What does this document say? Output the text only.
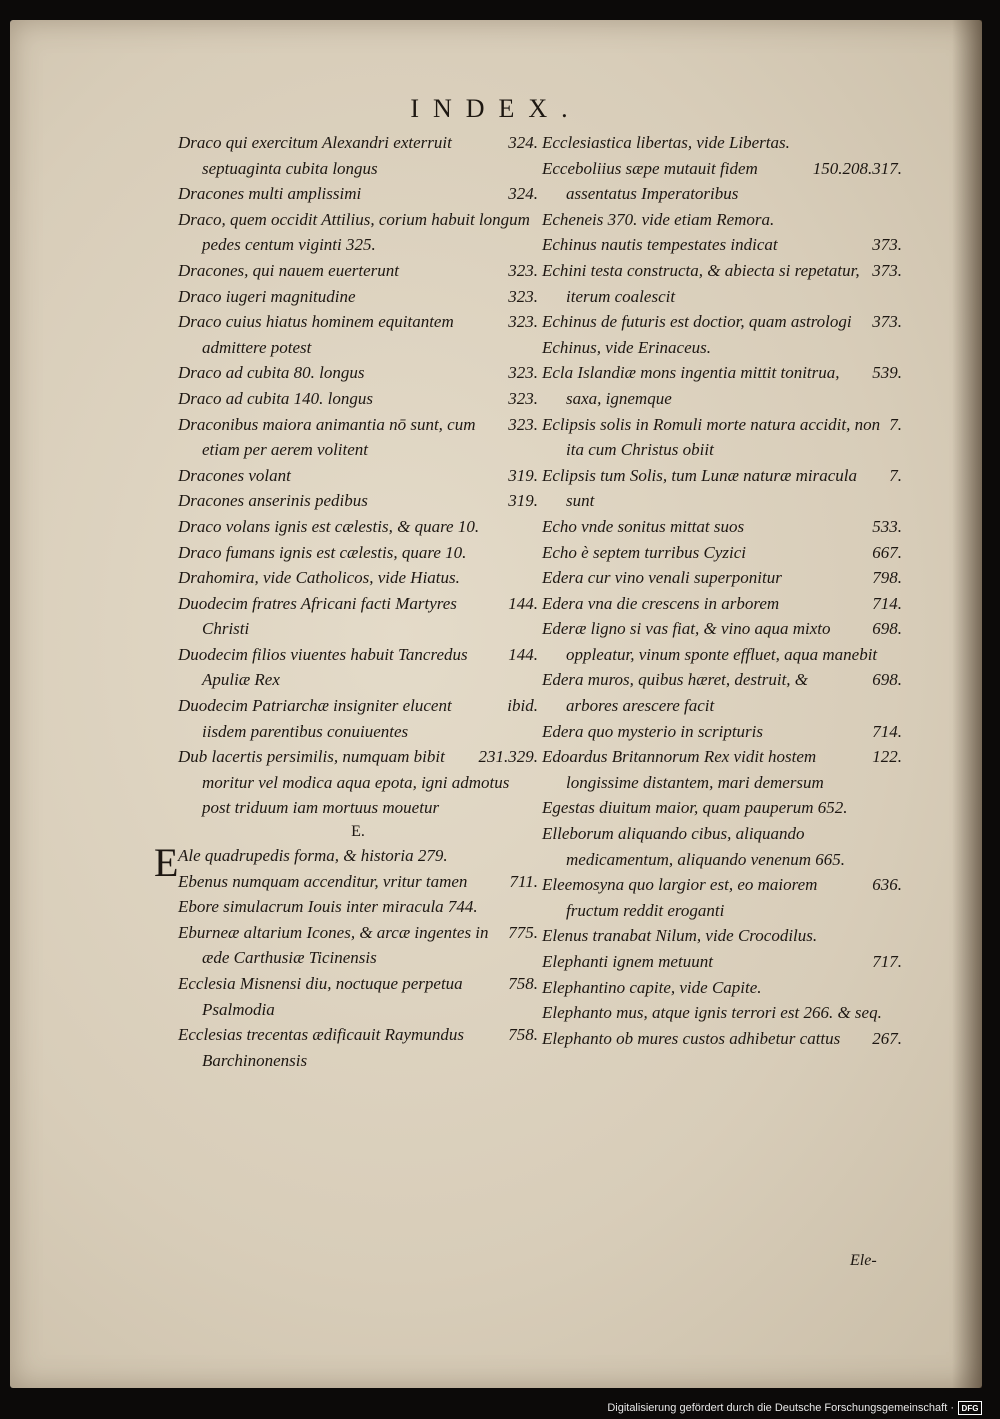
INDEX.
324.
Draco qui exercitum Alexandri exterruit septuaginta cubita longus
324.
Dracones multi amplissimi
Draco, quem occidit Attilius, corium habuit longum pedes centum viginti 325.
323.
Dracones, qui nauem euerterunt
323.
Draco iugeri magnitudine
323.
Draco cuius hiatus hominem equitantem admittere potest
323.
Draco ad cubita 80. longus
323.
Draco ad cubita 140. longus
323.
Draconibus maiora animantia nō sunt, cum etiam per aerem volitent
319.
Dracones volant
319.
Dracones anserinis pedibus
Draco volans ignis est cælestis, & quare 10.
Draco fumans ignis est cælestis, quare 10.
Drahomira, vide Catholicos, vide Hiatus.
144.
Duodecim fratres Africani facti Martyres Christi
144.
Duodecim filios viuentes habuit Tancredus Apuliæ Rex
ibid.
Duodecim Patriarchæ insigniter elucent iisdem parentibus conuiuentes
231.329.
Dub lacertis persimilis, numquam bibit moritur vel modica aqua epota, igni admotus post triduum iam mortuus mouetur
E.
E Ale quadrupedis forma, & historia 279.
711.
Ebenus numquam accenditur, vritur tamen
Ebore simulacrum Iouis inter miracula 744.
775.
Eburneæ altarium Icones, & arcæ ingentes in æde Carthusiæ Ticinensis
758.
Ecclesia Misnensi diu, noctuque perpetua Psalmodia
758.
Ecclesias trecentas ædificauit Raymundus Barchinonensis
Ecclesiastica libertas, vide Libertas.
150.208.317.
Ecceboliius sæpe mutauit fidem assentatus Imperatoribus
Echeneis 370. vide etiam Remora.
373.
Echinus nautis tempestates indicat
373.
Echini testa constructa, & abiecta si repetatur, iterum coalescit
373.
Echinus de futuris est doctior, quam astrologi
Echinus, vide Erinaceus.
539.
Ecla Islandiæ mons ingentia mittit tonitrua, saxa, ignemque
7.
Eclipsis solis in Romuli morte natura accidit, non ita cum Christus obiit
7.
Eclipsis tum Solis, tum Lunæ naturæ miracula sunt
533.
Echo vnde sonitus mittat suos
667.
Echo è septem turribus Cyzici
798.
Edera cur vino venali superponitur
714.
Edera vna die crescens in arborem
698.
Ederæ ligno si vas fiat, & vino aqua mixto oppleatur, vinum sponte effluet, aqua manebit
698.
Edera muros, quibus hæret, destruit, & arbores arescere facit
714.
Edera quo mysterio in scripturis
122.
Edoardus Britannorum Rex vidit hostem longissime distantem, mari demersum
Egestas diuitum maior, quam pauperum 652.
Elleborum aliquando cibus, aliquando medicamentum, aliquando venenum 665.
636.
Eleemosyna quo largior est, eo maiorem fructum reddit eroganti
Elenus tranabat Nilum, vide Crocodilus.
717.
Elephanti ignem metuunt
Elephantino capite, vide Capite.
Elephanto mus, atque ignis terrori est 266. & seq.
267.
Elephanto ob mures custos adhibetur cattus
Ele-
Digitalisierung gefördert durch die Deutsche Forschungsgemeinschaft · DFG
